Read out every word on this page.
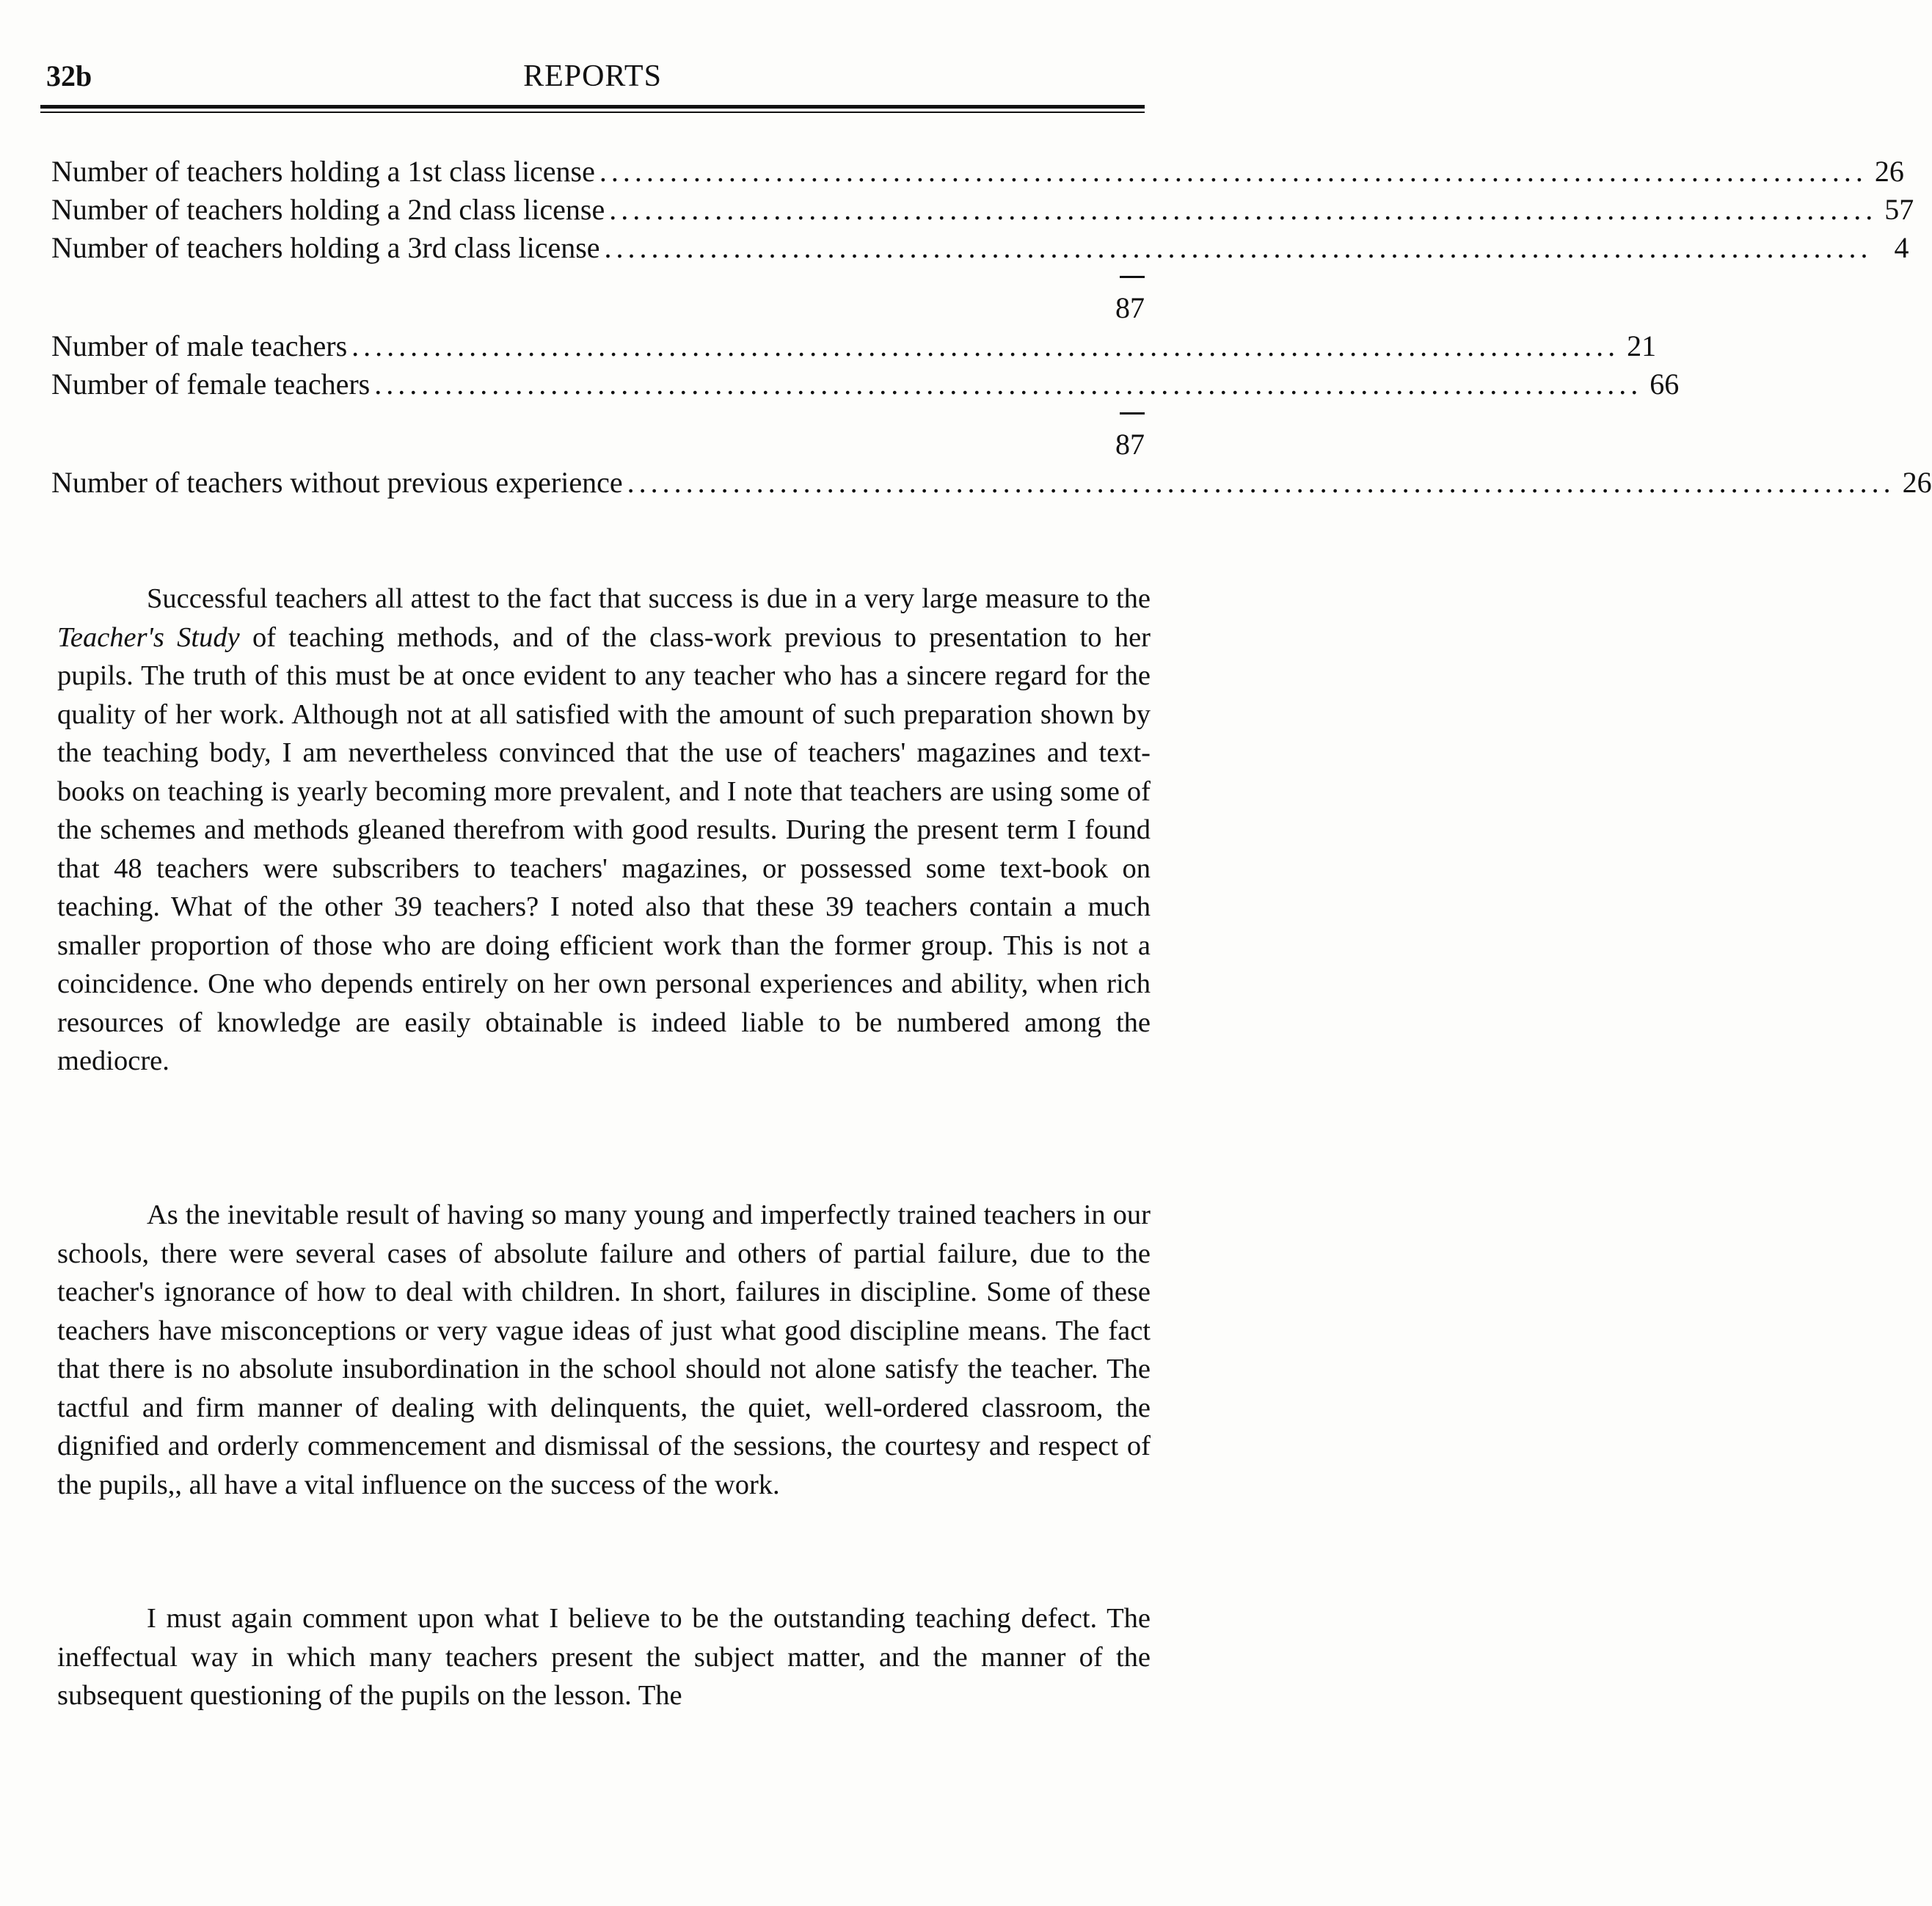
32b	REPORTS
Number of teachers holding a 1st class license ............................................................................................................ 26
Number of teachers holding a 2nd class license ............................................................................................................ 57
Number of teachers holding a 3rd class license ............................................................................................................ 4
87
Number of male teachers ............................................................................................................ 21
Number of female teachers ............................................................................................................ 66
87
Number of teachers without previous experience ............................................................................................................ 26

Successful teachers all attest to the fact that success is due in a very large measure to the Teacher's Study of teaching methods, and of the class-work previous to presentation to her pupils. The truth of this must be at once evident to any teacher who has a sincere regard for the quality of her work. Although not at all satisfied with the amount of such preparation shown by the teaching body, I am nevertheless convinced that the use of teachers' magazines and text-books on teaching is yearly becoming more prevalent, and I note that teachers are using some of the schemes and methods gleaned therefrom with good results. During the present term I found that 48 teachers were subscribers to teachers' magazines, or possessed some text-book on teaching. What of the other 39 teachers? I noted also that these 39 teachers contain a much smaller proportion of those who are doing efficient work than the former group. This is not a coincidence. One who depends entirely on her own personal experiences and ability, when rich resources of knowledge are easily obtainable is indeed liable to be numbered among the mediocre.

As the inevitable result of having so many young and imperfectly trained teachers in our schools, there were several cases of absolute failure and others of partial failure, due to the teacher's ignorance of how to deal with children. In short, failures in discipline. Some of these teachers have misconceptions or very vague ideas of just what good discipline means. The fact that there is no absolute insubordination in the school should not alone satisfy the teacher. The tactful and firm manner of dealing with delinquents, the quiet, well-ordered classroom, the dignified and orderly commencement and dismissal of the sessions, the courtesy and respect of the pupils,, all have a vital influence on the success of the work.

I must again comment upon what I believe to be the outstanding teaching defect. The ineffectual way in which many teachers present the subject matter, and the manner of the subsequent questioning of the pupils on the lesson. The
